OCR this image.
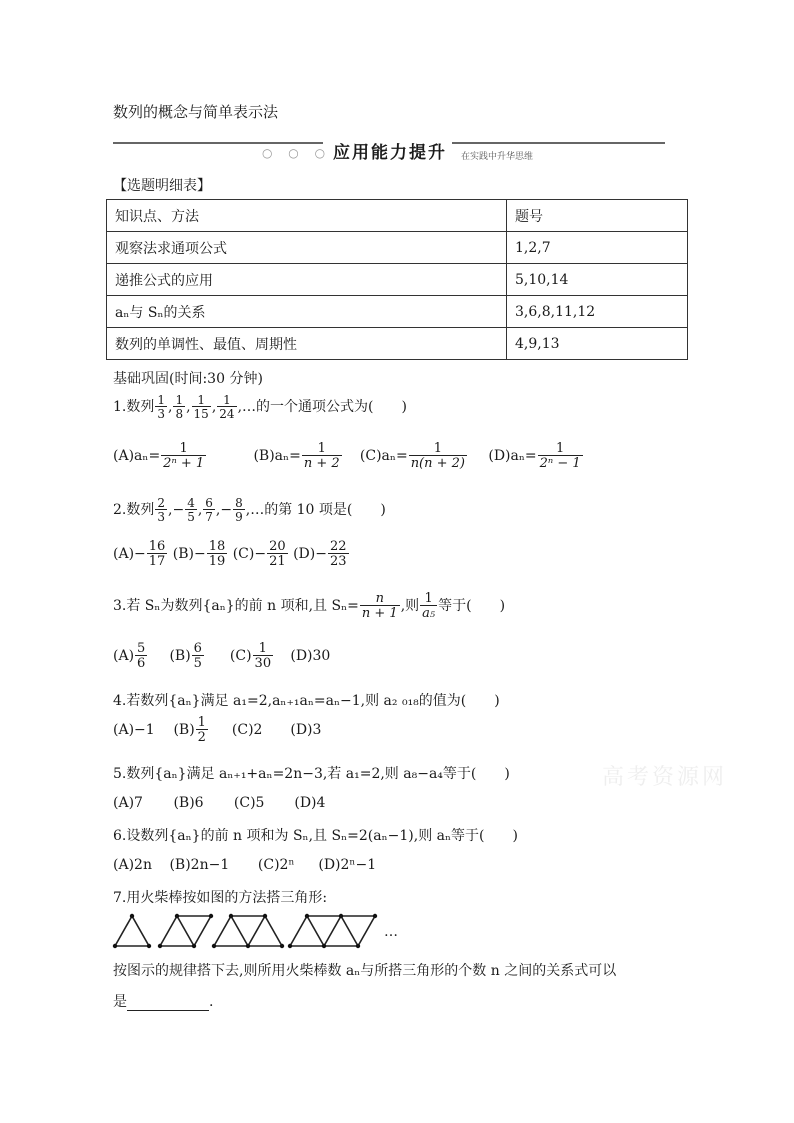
数列的概念与简单表示法
○ ○ ○ 应用能力提升 在实践中升华思维
【选题明细表】
知识点、方法	题号
观察法求通项公式	1,2,7
递推公式的应用	5,10,14
aₙ与 Sₙ的关系	3,6,8,11,12
数列的单调性、最值、周期性	4,9,13
基础巩固(时间:30 分钟)
1.数列 $\frac{1}{3}$ , $\frac{1}{8}$ , $\frac{1}{15}$ , $\frac{1}{24}$ ,…的一个通项公式为(　　)
$(A)a_n= \frac{1}{\text{2ⁿ + 1}}$	$(B)a_n= \frac{1}{n + 2} (C)a_n= \frac{1}{n(n + 2)} (D)a_n= \frac{1}{\text{2ⁿ − 1}}$
2.数列 $\frac{2}{3}$ ,− $\frac{4}{5}$ , $\frac{6}{7}$ ,− $\frac{8}{9}$ ,…的第 10 项是(　　)
$(A)- \frac{16}{17} (B)- \frac{18}{19} (C)- \frac{20}{21} (D)- \frac{22}{23}$
3.若 Sₙ为数列{aₙ}的前 n 项和,且 $S_n= \frac{n}{n + 1}$ ,则 $\frac{1}{\text{a₅}}$ 等于(　　)
$(A) \frac{5}{6} (B) \frac{6}{5} (C) \frac{1}{30} (D)30$
4.若数列{aₙ}满足 a₁=2,aₙ₊₁aₙ=aₙ−1,则 a₂ ₀₁₈的值为(　　)
(A)−1 $(B) \frac{1}{2} (C)2$ (D)3
5.数列{aₙ}满足 aₙ₊₁+aₙ=2n−3,若 a₁=2,则 a₈−a₄等于(　　)
(A)7 (B)6 (C)5 (D)4
高考资源网
6.设数列{aₙ}的前 n 项和为 Sₙ,且 Sₙ=2(aₙ−1),则 aₙ等于(　　)
(A)2n (B)2n−1 (C)2ⁿ (D)2ⁿ−1
7.用火柴棒按如图的方法搭三角形:
…
按图示的规律搭下去,则所用火柴棒数 aₙ与所搭三角形的个数 n 之间的关系式可以
是	.
